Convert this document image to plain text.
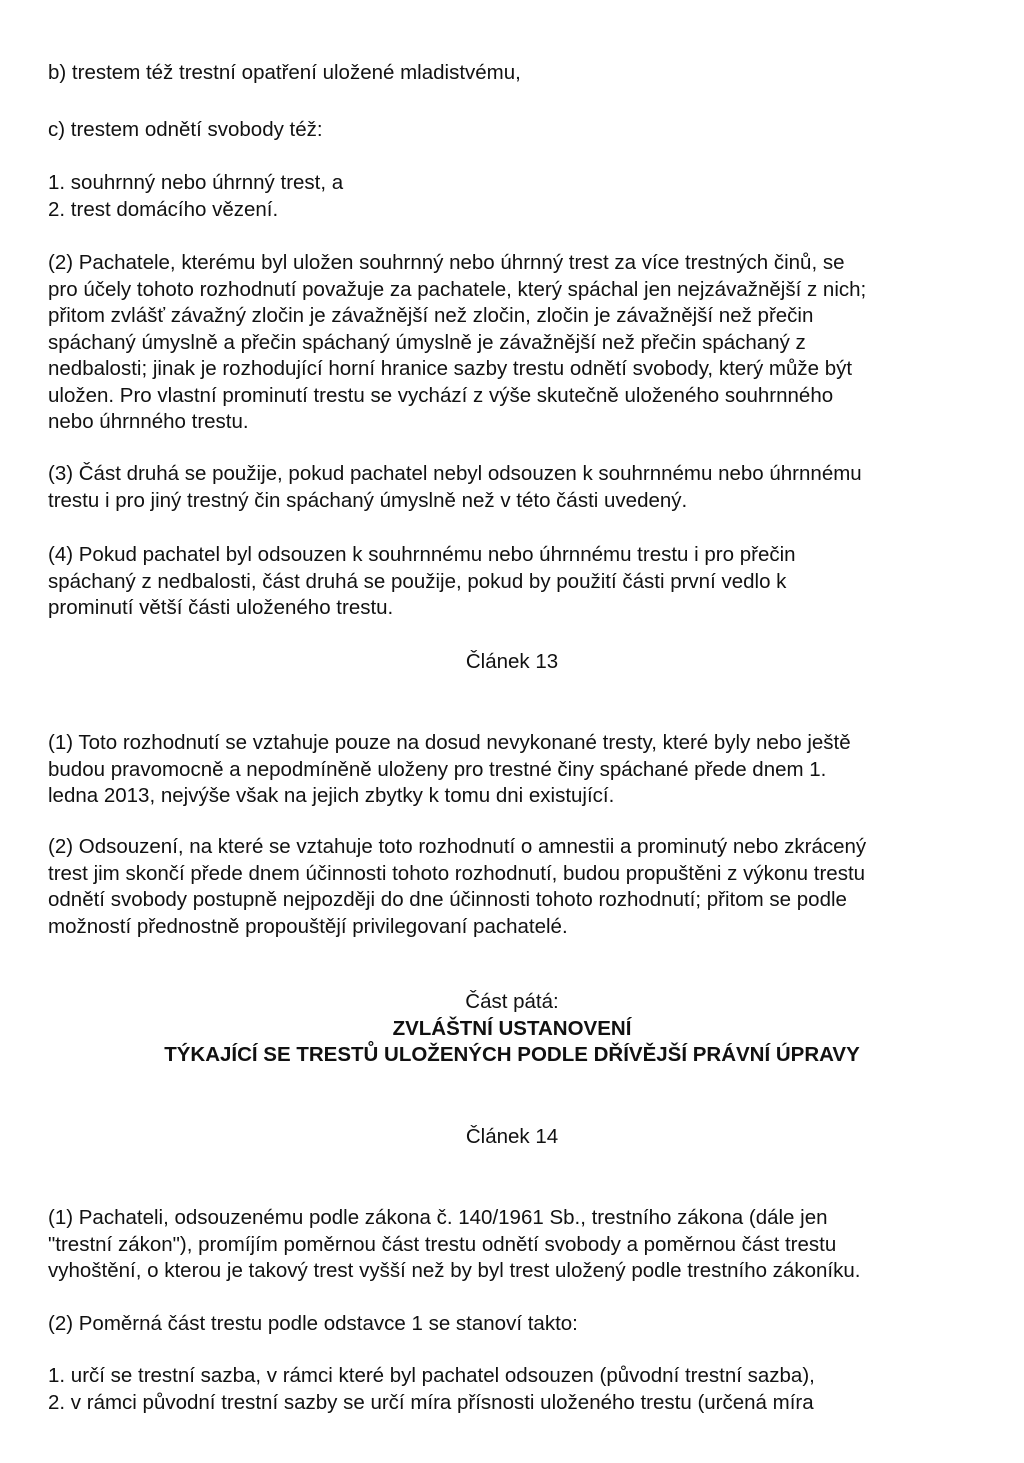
b) trestem též trestní opatření uložené mladistvému,

c) trestem odnětí svobody též:

1. souhrnný nebo úhrnný trest, a
2. trest domácího vězení.
(2) Pachatele, kterému byl uložen souhrnný nebo úhrnný trest za více trestných činů, se
pro účely tohoto rozhodnutí považuje za pachatele, který spáchal jen nejzávažnější z nich;
přitom zvlášť závažný zločin je závažnější než zločin, zločin je závažnější než přečin
spáchaný úmyslně a přečin spáchaný úmyslně je závažnější než přečin spáchaný z
nedbalosti; jinak je rozhodující horní hranice sazby trestu odnětí svobody, který může být
uložen. Pro vlastní prominutí trestu se vychází z výše skutečně uloženého souhrnného
nebo úhrnného trestu.
(3) Část druhá se použije, pokud pachatel nebyl odsouzen k souhrnnému nebo úhrnnému
trestu i pro jiný trestný čin spáchaný úmyslně než v této části uvedený.
(4) Pokud pachatel byl odsouzen k souhrnnému nebo úhrnnému trestu i pro přečin
spáchaný z nedbalosti, část druhá se použije, pokud by použití části první vedlo k
prominutí větší části uloženého trestu.
Článek 13
(1) Toto rozhodnutí se vztahuje pouze na dosud nevykonané tresty, které byly nebo ještě
budou pravomocně a nepodmíněně uloženy pro trestné činy spáchané přede dnem 1.
ledna 2013, nejvýše však na jejich zbytky k tomu dni existující.
(2) Odsouzení, na které se vztahuje toto rozhodnutí o amnestii a prominutý nebo zkrácený
trest jim skončí přede dnem účinnosti tohoto rozhodnutí, budou propuštěni z výkonu trestu
odnětí svobody postupně nejpozději do dne účinnosti tohoto rozhodnutí; přitom se podle
možností přednostně propouštějí privilegovaní pachatelé.
Část pátá:
ZVLÁŠTNÍ USTANOVENÍ
TÝKAJÍCÍ SE TRESTŮ ULOŽENÝCH PODLE DŘÍVĚJŠÍ PRÁVNÍ ÚPRAVY
Článek 14
(1) Pachateli, odsouzenému podle zákona č. 140/1961 Sb., trestního zákona (dále jen
"trestní zákon"), promíjím poměrnou část trestu odnětí svobody a poměrnou část trestu
vyhoštění, o kterou je takový trest vyšší než by byl trest uložený podle trestního zákoníku.

(2) Poměrná část trestu podle odstavce 1 se stanoví takto:

1. určí se trestní sazba, v rámci které byl pachatel odsouzen (původní trestní sazba),
2. v rámci původní trestní sazby se určí míra přísnosti uloženého trestu (určená míra
